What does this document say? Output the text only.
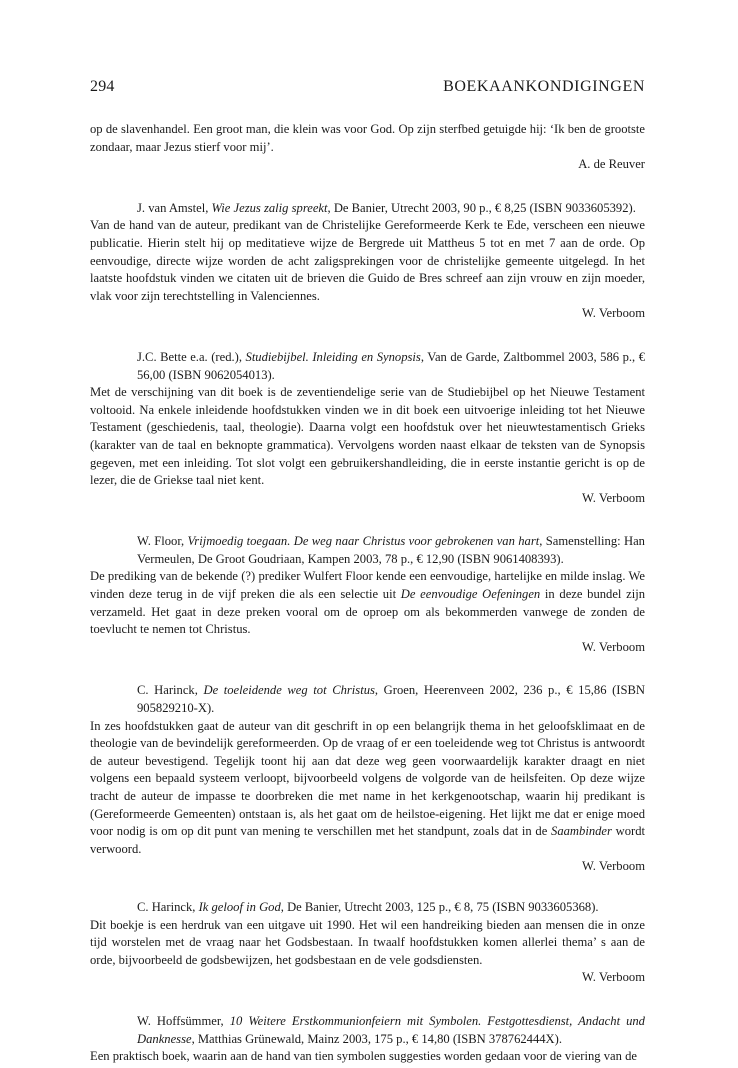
294	BOEKAANKONDIGINGEN

op de slavenhandel. Een groot man, die klein was voor God. Op zijn sterfbed getuigde hij: ‘Ik ben de grootste zondaar, maar Jezus stierf voor mij’.

A. de Reuver

J. van Amstel, Wie Jezus zalig spreekt, De Banier, Utrecht 2003, 90 p., € 8,25 (ISBN 9033605392).

Van de hand van de auteur, predikant van de Christelijke Gereformeerde Kerk te Ede, verscheen een nieuwe publicatie. Hierin stelt hij op meditatieve wijze de Bergrede uit Mattheus 5 tot en met 7 aan de orde. Op eenvoudige, directe wijze worden de acht zaligsprekingen voor de christelijke gemeente uitgelegd. In het laatste hoofdstuk vinden we citaten uit de brieven die Guido de Bres schreef aan zijn vrouw en zijn moeder, vlak voor zijn terechtstelling in Valenciennes.

W. Verboom

J.C. Bette e.a. (red.), Studiebijbel. Inleiding en Synopsis, Van de Garde, Zaltbommel 2003, 586 p., € 56,00 (ISBN 9062054013).

Met de verschijning van dit boek is de zeventiendelige serie van de Studiebijbel op het Nieuwe Testament voltooid. Na enkele inleidende hoofdstukken vinden we in dit boek een uitvoerige inleiding tot het Nieuwe Testament (geschiedenis, taal, theologie). Daarna volgt een hoofdstuk over het nieuwtestamentisch Grieks (karakter van de taal en beknopte grammatica). Vervolgens worden naast elkaar de teksten van de Synopsis gegeven, met een inleiding. Tot slot volgt een gebruikershandleiding, die in eerste instantie gericht is op de lezer, die de Griekse taal niet kent.

W. Verboom

W. Floor, Vrijmoedig toegaan. De weg naar Christus voor gebrokenen van hart, Samenstelling: Han Vermeulen, De Groot Goudriaan, Kampen 2003, 78 p., € 12,90 (ISBN 9061408393).

De prediking van de bekende (?) prediker Wulfert Floor kende een eenvoudige, hartelijke en milde inslag. We vinden deze terug in de vijf preken die als een selectie uit De eenvoudige Oefeningen in deze bundel zijn verzameld. Het gaat in deze preken vooral om de oproep om als bekommerden vanwege de zonden de toevlucht te nemen tot Christus.

W. Verboom

C. Harinck, De toeleidende weg tot Christus, Groen, Heerenveen 2002, 236 p., € 15,86 (ISBN 905829210-X).

In zes hoofdstukken gaat de auteur van dit geschrift in op een belangrijk thema in het geloofsklimaat en de theologie van de bevindelijk gereformeerden. Op de vraag of er een toeleidende weg tot Christus is antwoordt de auteur bevestigend. Tegelijk toont hij aan dat deze weg geen voorwaardelijk karakter draagt en niet volgens een bepaald systeem verloopt, bijvoorbeeld volgens de volgorde van de heilsfeiten. Op deze wijze tracht de auteur de impasse te doorbreken die met name in het kerkgenootschap, waarin hij predikant is (Gereformeerde Gemeenten) ontstaan is, als het gaat om de heilstoe-eigening. Het lijkt me dat er enige moed voor nodig is om op dit punt van mening te verschillen met het standpunt, zoals dat in de Saambinder wordt verwoord.

W. Verboom

C. Harinck, Ik geloof in God, De Banier, Utrecht 2003, 125 p., € 8, 75 (ISBN 9033605368).

Dit boekje is een herdruk van een uitgave uit 1990. Het wil een handreiking bieden aan mensen die in onze tijd worstelen met de vraag naar het Godsbestaan. In twaalf hoofdstukken komen allerlei thema’ s aan de orde, bijvoorbeeld de godsbewijzen, het godsbestaan en de vele godsdiensten.

W. Verboom

W. Hoffsümmer, 10 Weitere Erstkommunionfeiern mit Symbolen. Festgottesdienst, Andacht und Danknesse, Matthias Grünewald, Mainz 2003, 175 p., € 14,80 (ISBN 378762444X).

Een praktisch boek, waarin aan de hand van tien symbolen suggesties worden gedaan voor de viering van de
